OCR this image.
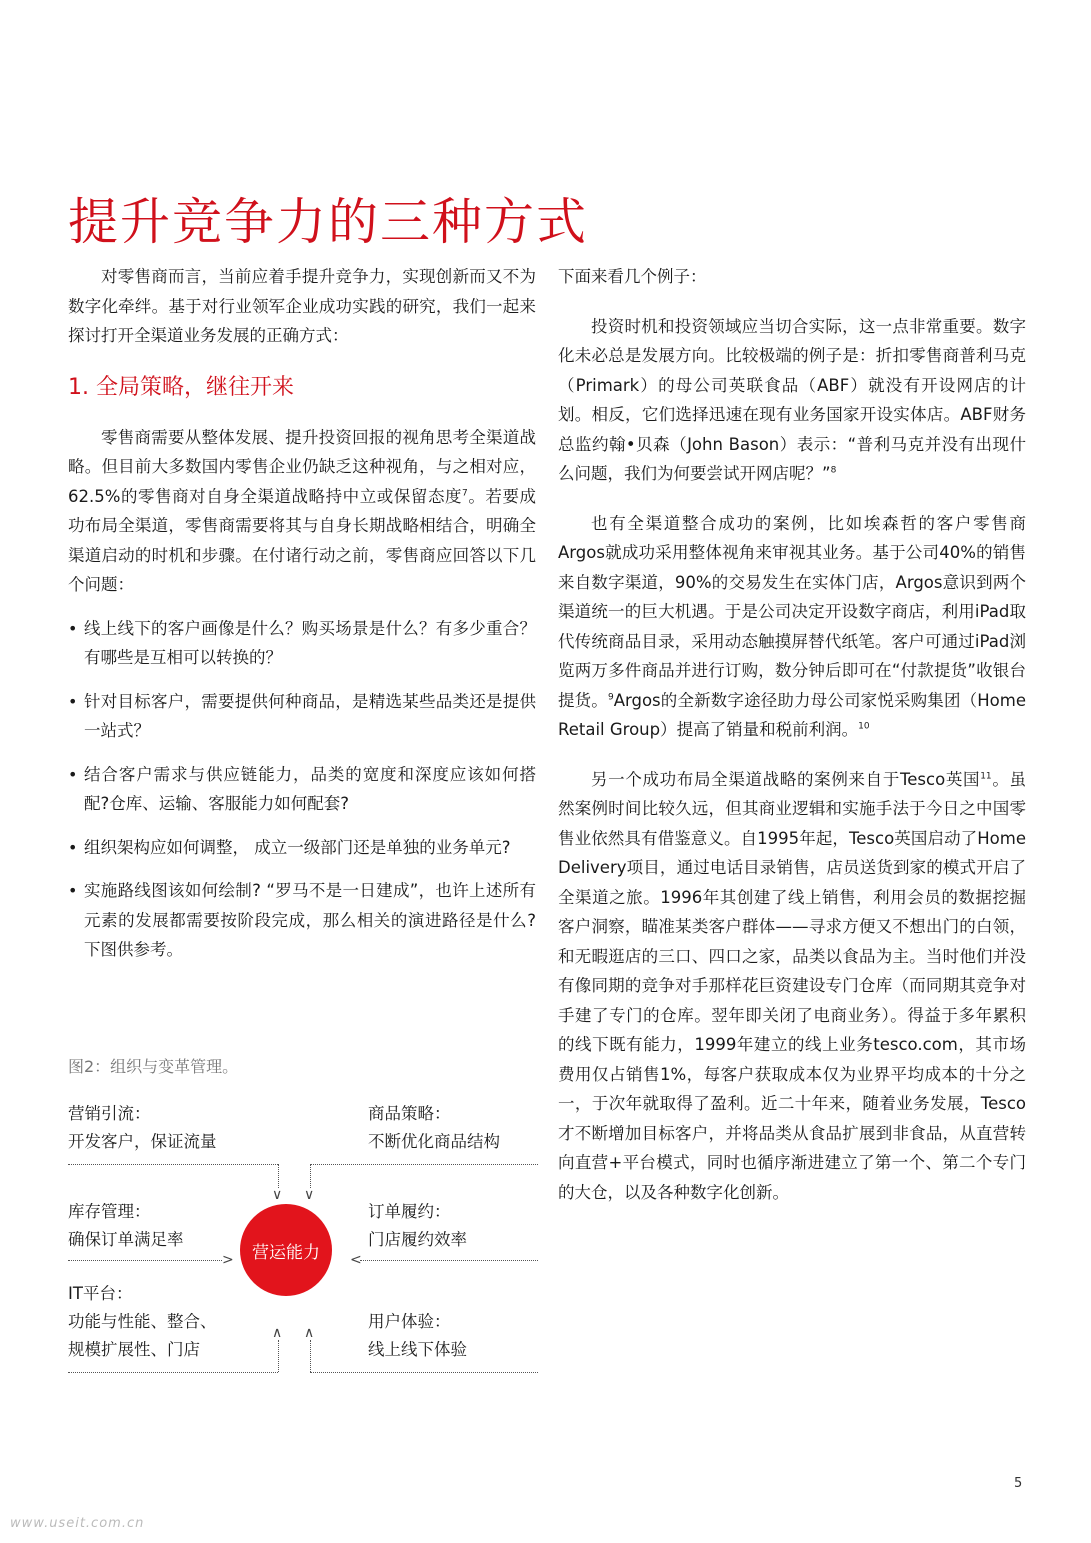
提升竞争力的三种方式

对零售商而言，当前应着手提升竞争力，实现创新而又不为数字化牵绊。基于对行业领军企业成功实践的研究，我们一起来探讨打开全渠道业务发展的正确方式：

1. 全局策略，继往开来

零售商需要从整体发展、提升投资回报的视角思考全渠道战略。但目前大多数国内零售企业仍缺乏这种视角，与之相对应，62.5%的零售商对自身全渠道战略持中立或保留态度$^7$。若要成功布局全渠道，零售商需要将其与自身长期战略相结合，明确全渠道启动的时机和步骤。在付诸行动之前，零售商应回答以下几个问题：

• 线上线下的客户画像是什么？购买场景是什么？有多少重合？有哪些是互相可以转换的？
• 针对目标客户，需要提供何种商品，是精选某些品类还是提供一站式？
• 结合客户需求与供应链能力，品类的宽度和深度应该如何搭配?仓库、运输、客服能力如何配套?
• 组织架构应如何调整， 成立一级部门还是单独的业务单元?
• 实施路线图该如何绘制? “罗马不是一日建成”，也许上述所有元素的发展都需要按阶段完成，那么相关的演进路径是什么? 下图供参考。
图2：组织与变革管理。
营销引流：
开发客户，保证流量
商品策略：
不断优化商品结构
∨ ∨
库存管理：
确保订单满足率
>	营运能力
订单履约：
门店履约效率
<
IT平台：
功能与性能、整合、
规模扩展性、门店
用户体验：
线上线下体验
∧ ∧

下面来看几个例子：

投资时机和投资领域应当切合实际，这一点非常重要。数字化未必总是发展方向。比较极端的例子是：折扣零售商普利马克（Primark）的母公司英联食品（ABF）就没有开设网店的计划。相反，它们选择迅速在现有业务国家开设实体店。ABF财务总监约翰•贝森（John Bason）表示：“普利马克并没有出现什么问题，我们为何要尝试开网店呢？”$^8$

也有全渠道整合成功的案例，比如埃森哲的客户零售商Argos就成功采用整体视角来审视其业务。基于公司40%的销售来自数字渠道，90%的交易发生在实体门店，Argos意识到两个渠道统一的巨大机遇。于是公司决定开设数字商店，利用iPad取代传统商品目录，采用动态触摸屏替代纸笔。客户可通过iPad浏览两万多件商品并进行订购，数分钟后即可在“付款提货”收银台提货。$^9$Argos的全新数字途径助力母公司家悦采购集团（Home Retail Group）提高了销量和税前利润。$^{10}$

另一个成功布局全渠道战略的案例来自于Tesco英国$^{11}$。虽然案例时间比较久远，但其商业逻辑和实施手法于今日之中国零售业依然具有借鉴意义。自1995年起，Tesco英国启动了Home Delivery项目，通过电话目录销售，店员送货到家的模式开启了全渠道之旅。1996年其创建了线上销售，利用会员的数据挖掘客户洞察，瞄准某类客户群体——寻求方便又不想出门的白领，和无暇逛店的三口、四口之家，品类以食品为主。当时他们并没有像同期的竞争对手那样花巨资建设专门仓库（而同期其竞争对手建了专门的仓库。翌年即关闭了电商业务）。得益于多年累积的线下既有能力，1999年建立的线上业务tesco.com，其市场费用仅占销售1%，每客户获取成本仅为业界平均成本的十分之一，于次年就取得了盈利。近二十年来，随着业务发展，Tesco才不断增加目标客户，并将品类从食品扩展到非食品，从直营转向直营+平台模式，同时也循序渐进建立了第一个、第二个专门的大仓，以及各种数字化创新。

5
www.useit.com.cn
